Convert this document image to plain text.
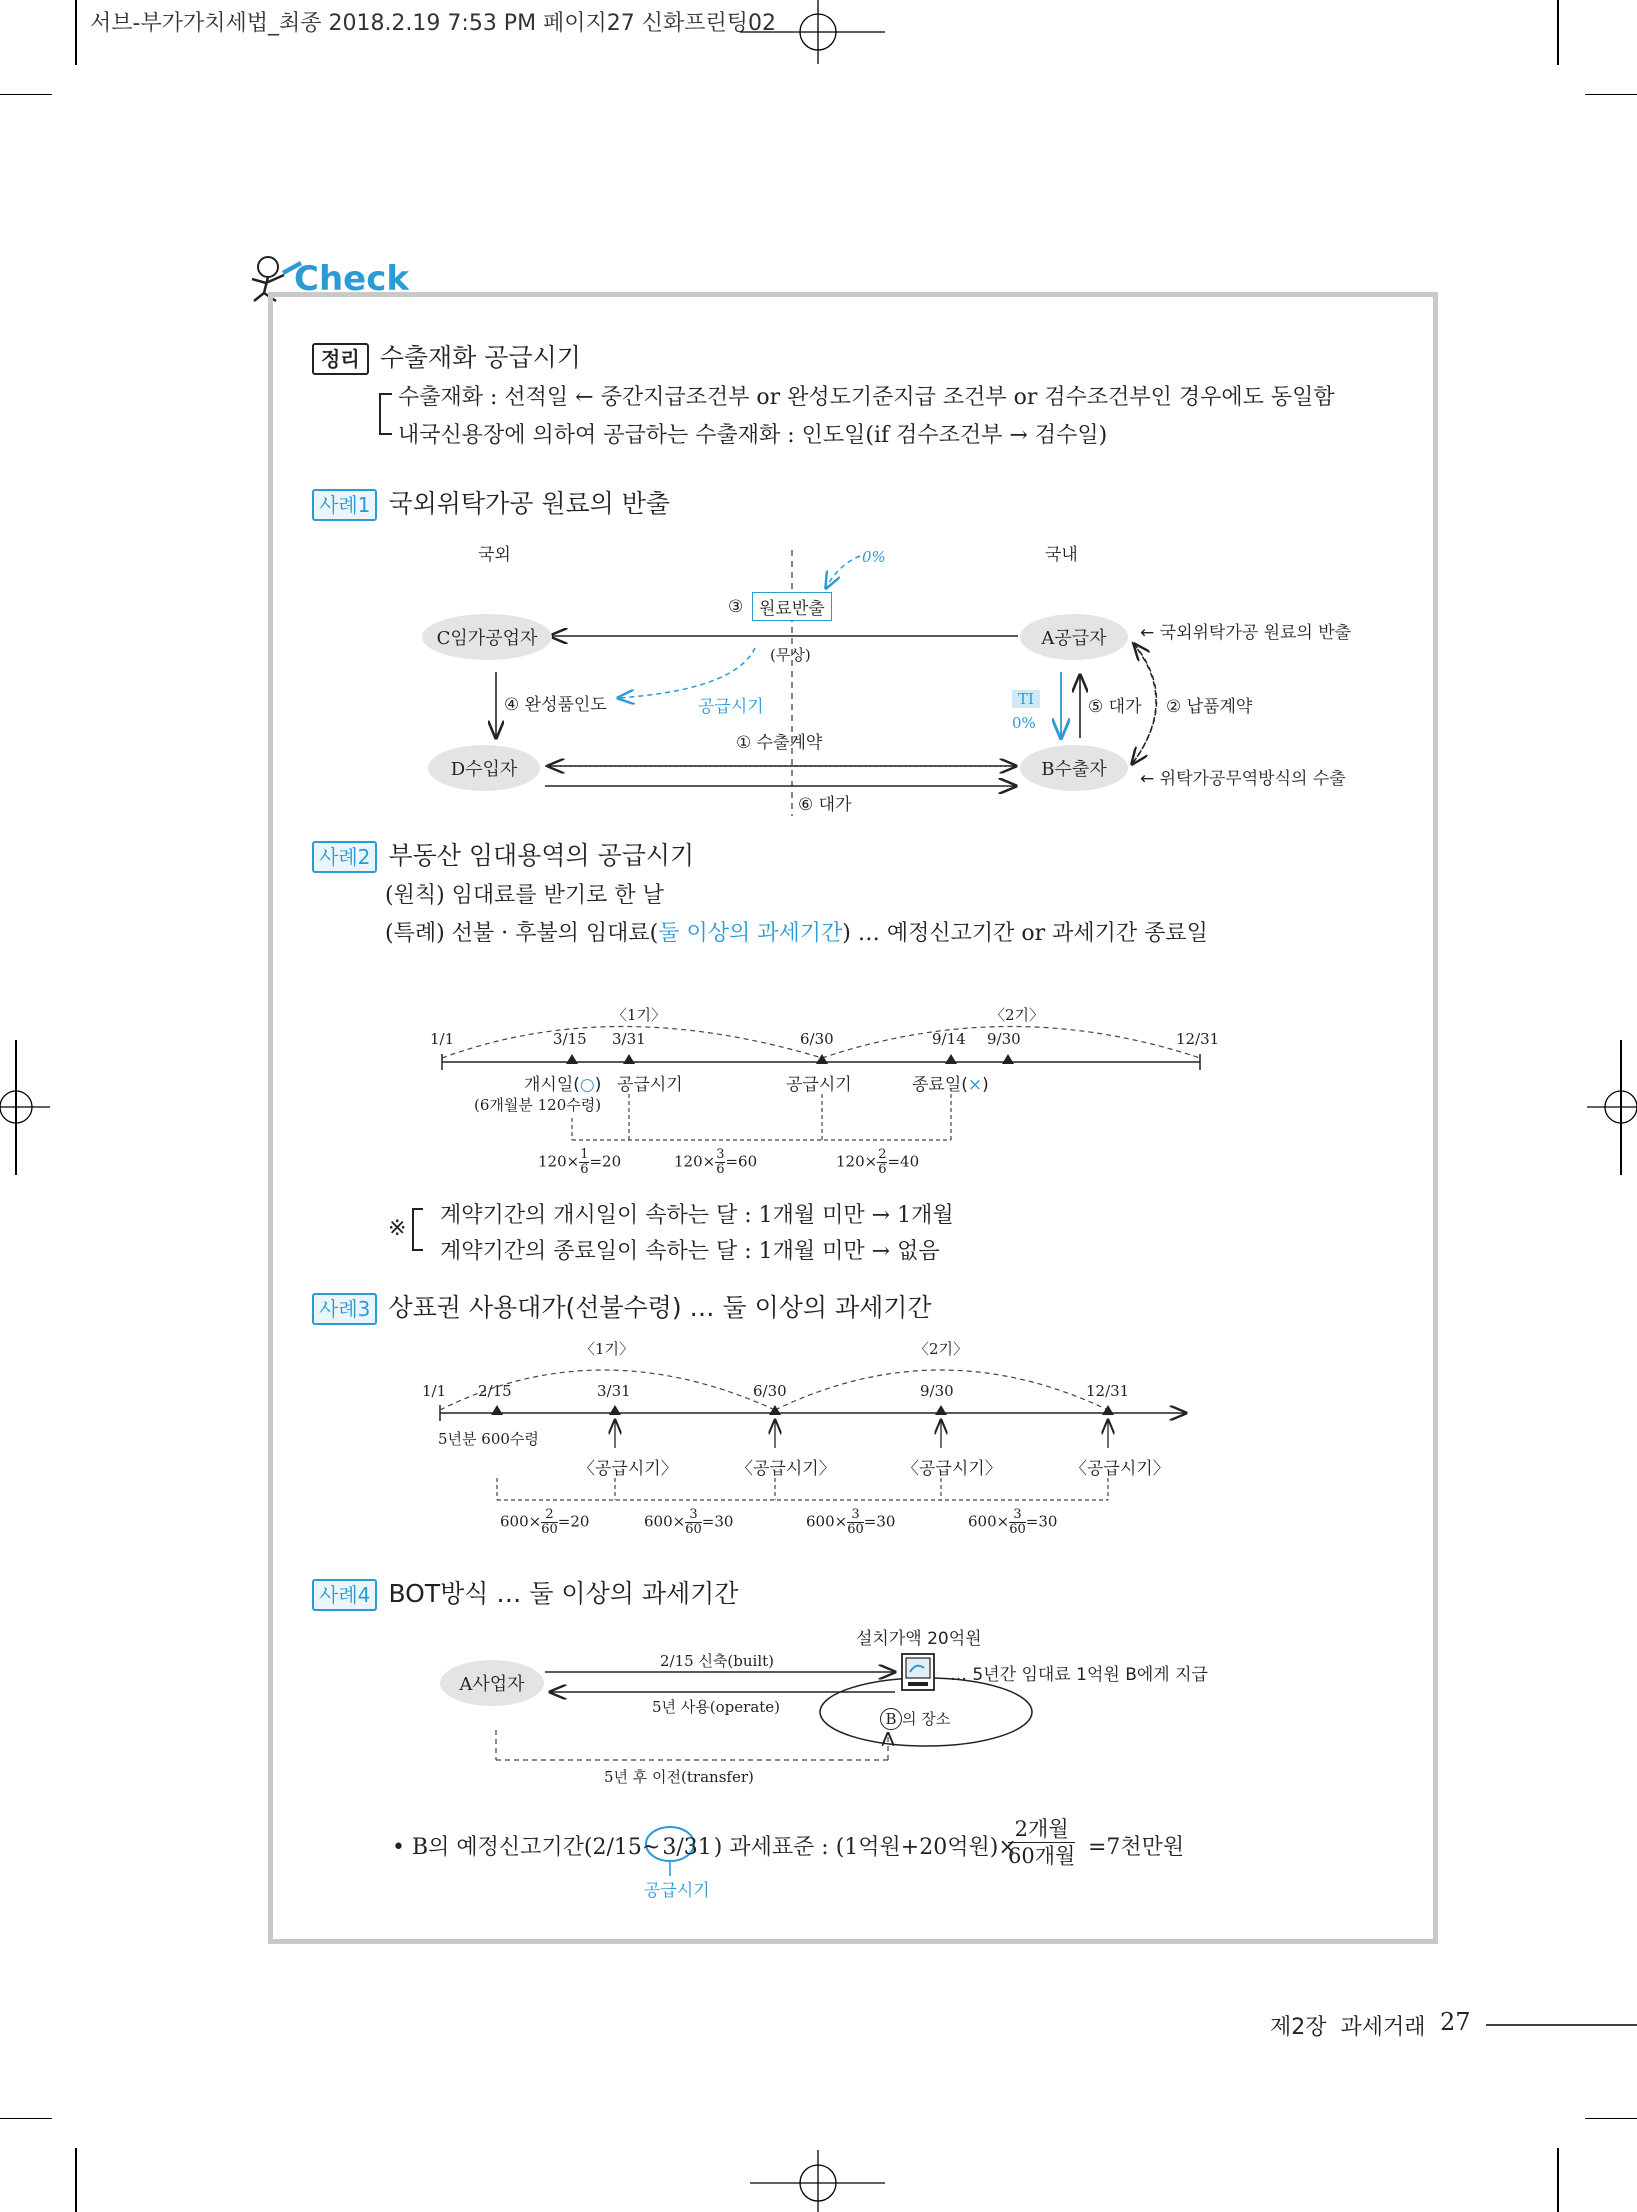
서브-부가가치세법_최종 2018.2.19 7:53 PM 페이지27 신화프린팅02
Check
정리 수출재화 공급시기
수출재화 : 선적일 ← 중간지급조건부 or 완성도기준지급 조건부 or 검수조건부인 경우에도 동일함
내국신용장에 의하여 공급하는 수출재화 : 인도일(if 검수조건부 → 검수일)
사례1 국외위탁가공 원료의 반출
국외	국내
0%
③ 원료반출
(무상)
C임가공업자	A공급자
D수입자	B수출자
← 국외위탁가공 원료의 반출
← 위탁가공무역방식의 수출
④ 완성품인도	공급시기
① 수출계약
⑥ 대가
TI
0%
⑤ 대가 ② 납품계약
사례2 부동산 임대용역의 공급시기
(원칙) 임대료를 받기로 한 날
(특례) 선불 · 후불의 임대료(둘 이상의 과세기간) … 예정신고기간 or 과세기간 종료일
〈1기〉	〈2기〉
1/1	3/15 3/31	6/30	9/14 9/30	12/31
개시일(○) 공급시기	공급시기	종료일(×)
(6개월분 120수령)
$120\times \frac{1}{6} =20$	$120\times \frac{3}{6} =60$	$120\times \frac{2}{6} =40$
※
계약기간의 개시일이 속하는 달 : 1개월 미만 → 1개월
계약기간의 종료일이 속하는 달 : 1개월 미만 → 없음
사례3 상표권 사용대가(선불수령) … 둘 이상의 과세기간
〈1기〉	〈2기〉
1/1 2/15	3/31	6/30	9/30	12/31
5년분 600수령
〈공급시기〉	〈공급시기〉	〈공급시기〉	〈공급시기〉
$600\times \frac{2}{60} =20$	$600\times \frac{3}{60} =30$	$600\times \frac{3}{60} =30$	$600\times \frac{3}{60} =30$
사례4 BOT방식 … 둘 이상의 과세기간
A사업자
설치가액 20억원
2/15 신축(built)
5년 사용(operate)
… 5년간 임대료 1억원 B에게 지급
B 의 장소
5년 후 이전(transfer)
• B의 예정신고기간(2/15~3/31) 과세표준 : (1억원+20억원)×
2개월
60개월 =7천만원
공급시기
제2장  과세거래 27
